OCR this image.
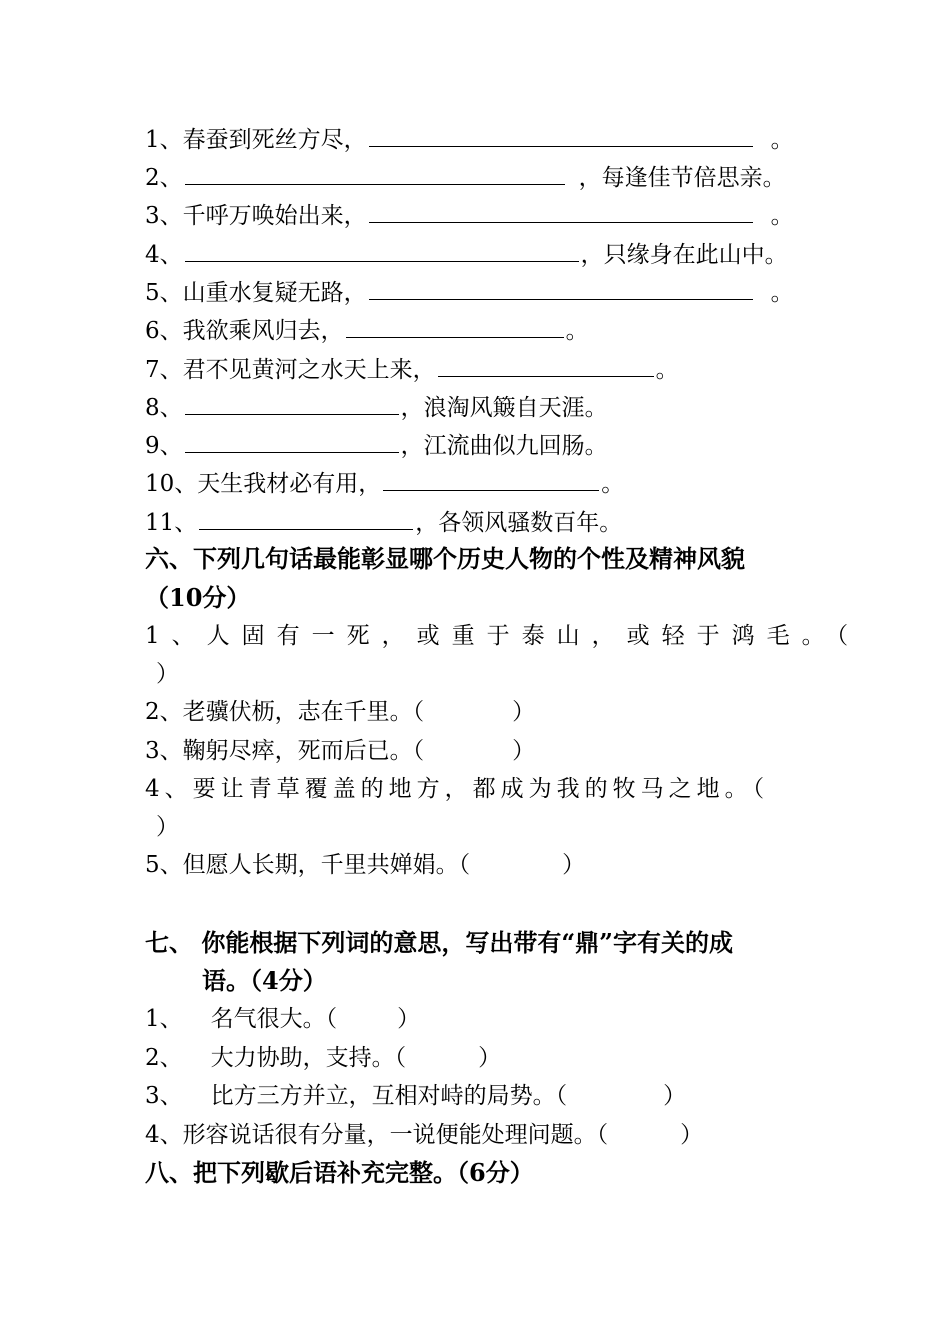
1、春蚕到死丝方尽，	。
2、	，每逢佳节倍思亲。
3、千呼万唤始出来，	。
4、	，只缘身在此山中。
5、山重水复疑无路，	。
6、我欲乘风归去，	。
7、君不见黄河之水天上来，	。
8、	，浪淘风簸自天涯。
9、	，江流曲似九回肠。
10、天生我材必有用，	。
11、	，各领风骚数百年。
六、下列几句话最能彰显哪个历史人物的个性及精神风貌
（10分）
1、人固有一死，或重于泰山，或轻于鸿毛。（
）
2、老骥伏枥，志在千里。（	）
3、鞠躬尽瘁，死而后已。（	）
4、要让青草覆盖的地方，都成为我的牧马之地。（
）
5、但愿人长期，千里共婵娟。（	）
七、 你能根据下列词的意思，写出带有“鼎”字有关的成
语。（4分）
1、 名气很大。（	）
2、 大力协助，支持。（	）
3、 比方三方并立，互相对峙的局势。（	）
4、形容说话很有分量，一说便能处理问题。（	）
八、把下列歇后语补充完整。（6分）
